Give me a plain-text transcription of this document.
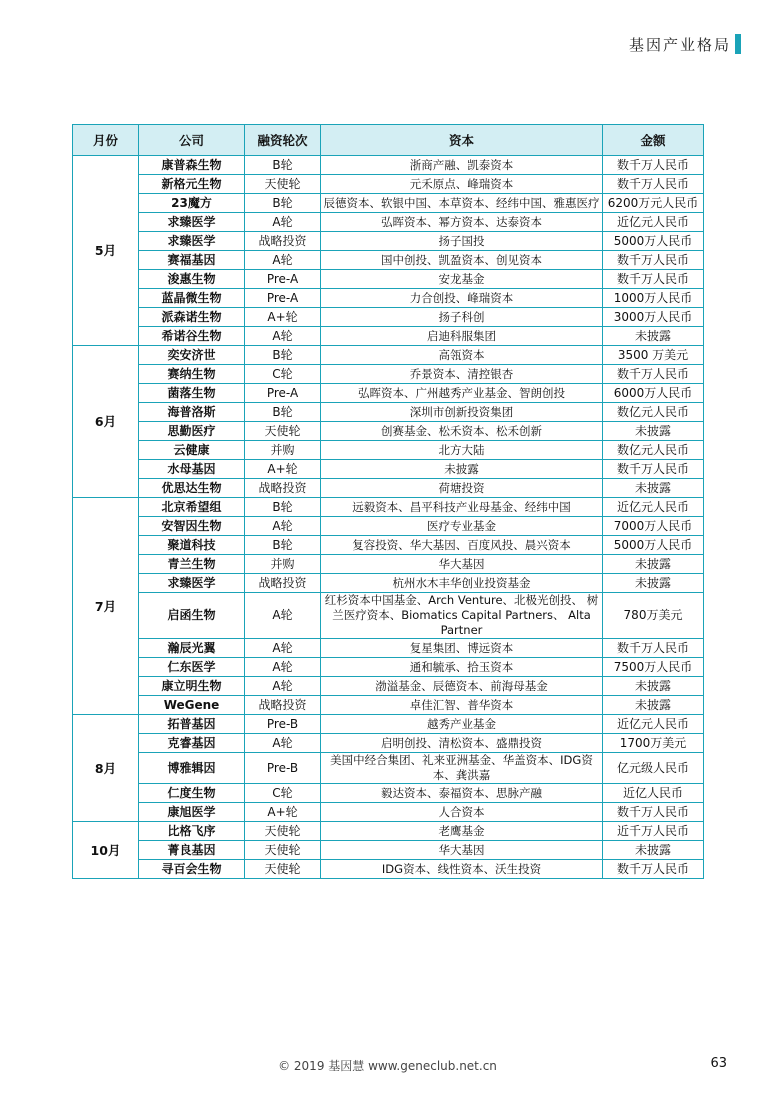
基因产业格局
月份	公司	融资轮次	资本	金额
5月	康普森生物	B轮	浙商产融、凯泰资本	数千万人民币
	新格元生物	天使轮	元禾原点、峰瑞资本	数千万人民币
	23魔方	B轮	辰德资本、软银中国、本草资本、经纬中国、雅惠医疗	6200万元人民币
	求臻医学	A轮	弘晖资本、幂方资本、达泰资本	近亿元人民币
	求臻医学	战略投资	扬子国投	5000万人民币
	赛福基因	A轮	国中创投、凯盈资本、创见资本	数千万人民币
	浚惠生物	Pre-A	安龙基金	数千万人民币
	蓝晶微生物	Pre-A	力合创投、峰瑞资本	1000万人民币
	派森诺生物	A+轮	扬子科创	3000万人民币
	希诺谷生物	A轮	启迪科服集团	未披露
6月	奕安济世	B轮	高瓴资本	3500 万美元
	赛纳生物	C轮	乔景资本、清控银杏	数千万人民币
	菌落生物	Pre-A	弘晖资本、广州越秀产业基金、智朗创投	6000万人民币
	海普洛斯	B轮	深圳市创新投资集团	数亿元人民币
	思勤医疗	天使轮	创赛基金、松禾资本、松禾创新	未披露
	云健康	并购	北方大陆	数亿元人民币
	水母基因	A+轮	未披露	数千万人民币
	优思达生物	战略投资	荷塘投资	未披露
7月	北京希望组	B轮	远毅资本、昌平科技产业母基金、经纬中国	近亿元人民币
	安智因生物	A轮	医疗专业基金	7000万人民币
	聚道科技	B轮	复容投资、华大基因、百度风投、晨兴资本	5000万人民币
	青兰生物	并购	华大基因	未披露
	求臻医学	战略投资	杭州水木丰华创业投资基金	未披露
	启函生物	A轮	红杉资本中国基金、Arch Venture、北极光创投、 树兰医疗资本、Biomatics Capital Partners、 Alta Partner	780万美元
	瀚辰光翼	A轮	复星集团、博远资本	数千万人民币
	仁东医学	A轮	通和毓承、拾玉资本	7500万人民币
	康立明生物	A轮	渤溢基金、辰德资本、前海母基金	未披露
	WeGene	战略投资	卓佳汇智、普华资本	未披露
8月	拓普基因	Pre-B	越秀产业基金	近亿元人民币
	克睿基因	A轮	启明创投、清松资本、盛鼎投资	1700万美元
	博雅辑因	Pre-B	美国中经合集团、礼来亚洲基金、华盖资本、IDG资本、龚洪嘉	亿元级人民币
	仁度生物	C轮	毅达资本、泰福资本、思脉产融	近亿人民币
	康旭医学	A+轮	人合资本	数千万人民币
10月	比格飞序	天使轮	老鹰基金	近千万人民币
	菁良基因	天使轮	华大基因	未披露
	寻百会生物	天使轮	IDG资本、线性资本、沃生投资	数千万人民币
© 2019 基因慧 www.geneclub.net.cn	63
